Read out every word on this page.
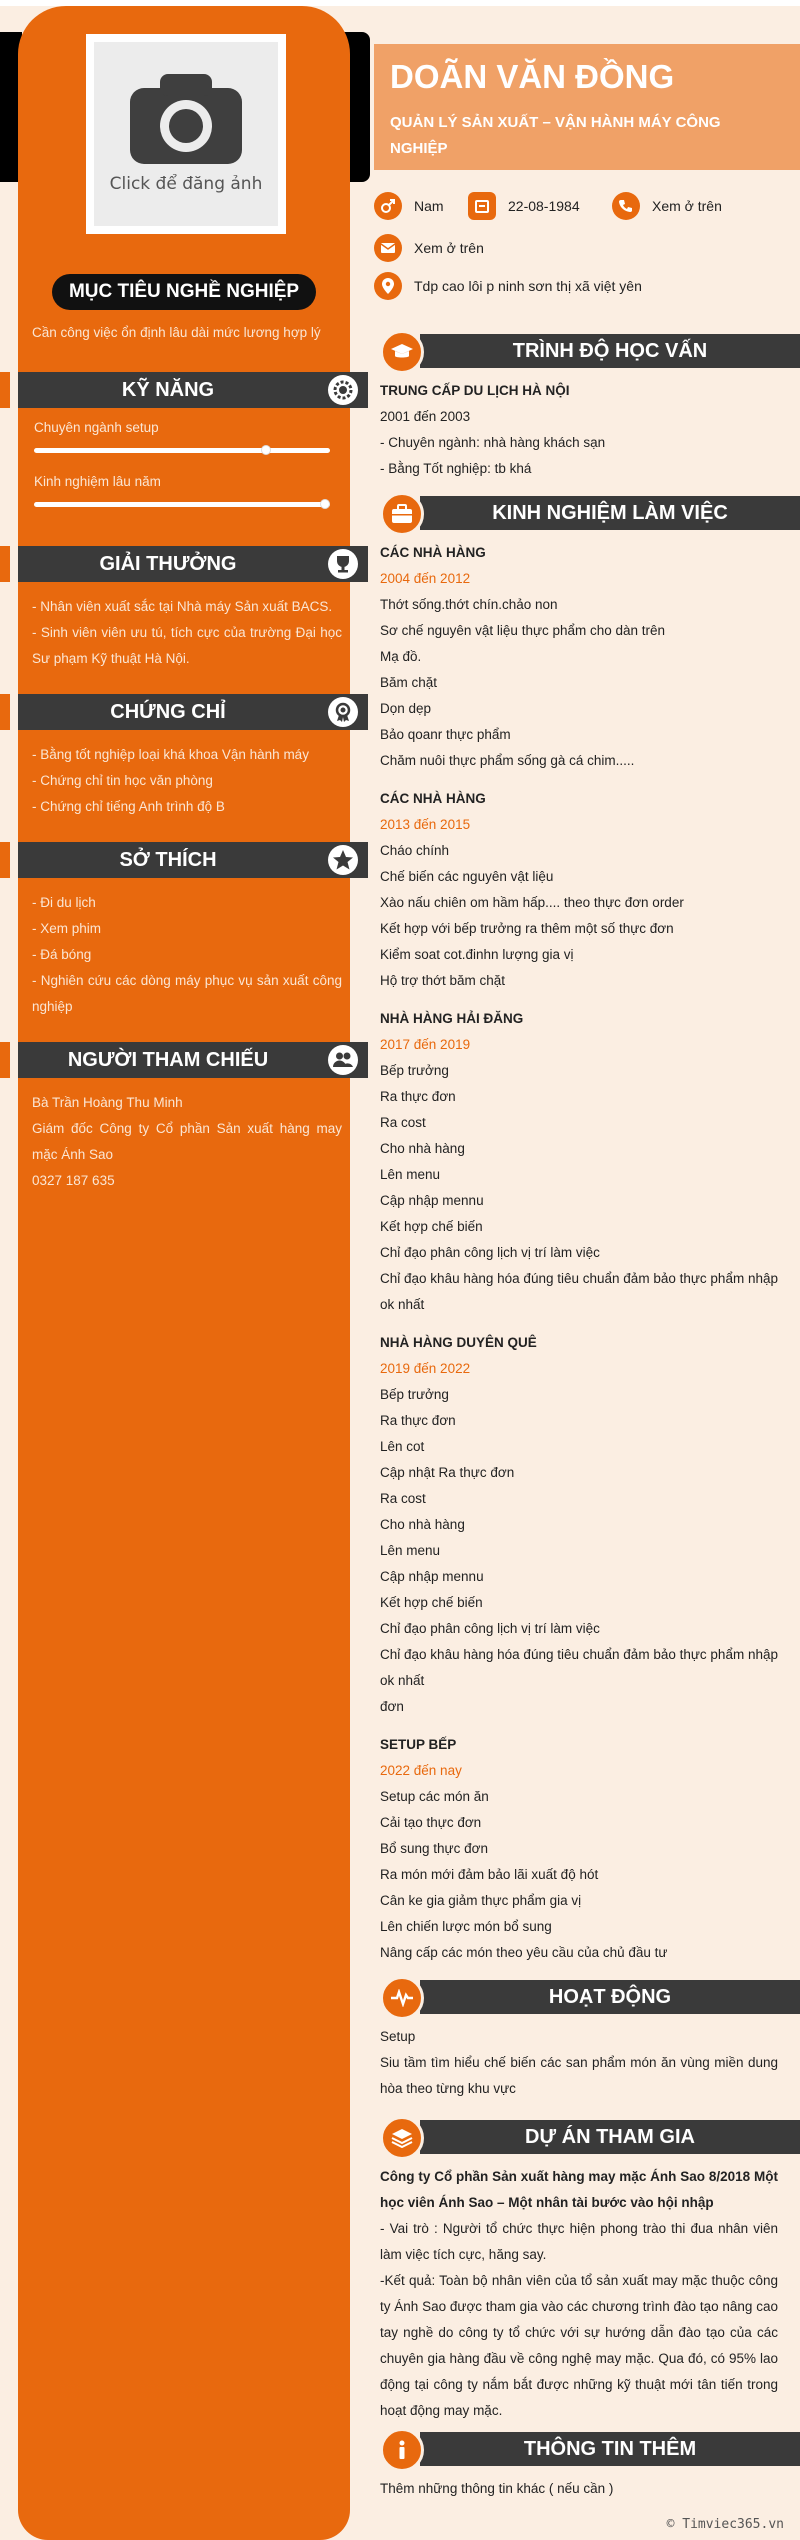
Click để đăng ảnh
MỤC TIÊU NGHỀ NGHIỆP
Cần công việc ổn định lâu dài mức lương hợp lý
KỸ NĂNG
Chuyên ngành setup
Kinh nghiệm lâu năm
GIẢI THƯỞNG
- Nhân viên xuất sắc tại Nhà máy Sản xuất BACS.
- Sinh viên viên ưu tú, tích cực của trường Đại học Sư phạm Kỹ thuật Hà Nội.
CHỨNG CHỈ
- Bằng tốt nghiệp loại khá khoa Vận hành máy
- Chứng chỉ tin học văn phòng
- Chứng chỉ tiếng Anh trình độ B
SỞ THÍCH
- Đi du lịch
- Xem phim
- Đá bóng
- Nghiên cứu các dòng máy phục vụ sản xuất công nghiệp
NGƯỜI THAM CHIẾU
Bà Trần Hoàng Thu Minh
Giám đốc Công ty Cổ phần Sản xuất hàng may mặc Ánh Sao
0327 187 635
DOÃN VĂN ĐỒNG
QUẢN LÝ SẢN XUẤT – VẬN HÀNH MÁY CÔNG NGHIỆP
Nam	22-08-1984	Xem ở trên
Xem ở trên
Tdp cao lôi p ninh sơn thị xã việt yên
TRÌNH ĐỘ HỌC VẤN
TRUNG CẤP DU LỊCH HÀ NỘI
2001 đến 2003
- Chuyên ngành: nhà hàng khách sạn
- Bằng Tốt nghiệp: tb khá
KINH NGHIỆM LÀM VIỆC
CÁC NHÀ HÀNG
2004 đến 2012
Thớt sống.thớt chín.chảo non
Sơ chế nguyên vật liệu thực phẩm cho dàn trên
Mạ đồ.
Băm chặt
Dọn dẹp
Bảo qoanr thực phẩm
Chăm nuôi thực phẩm sống gà cá chim.....
CÁC NHÀ HÀNG
2013 đến 2015
Cháo chính
Chế biến các nguyên vật liệu
Xào nấu chiên om hầm hấp.... theo thực đơn order
Kết hợp với bếp trưởng ra thêm một số thực đơn
Kiểm soat cot.đinhn lượng gia vị
Hộ trợ thớt băm chặt
NHÀ HÀNG HẢI ĐĂNG
2017 đến 2019
Bếp trưởng
Ra thực đơn
Ra cost
Cho nhà hàng
Lên menu
Cập nhập mennu
Kết hợp chế biến
Chỉ đạo phân công lịch vị trí làm việc
Chỉ đạo khâu hàng hóa đúng tiêu chuẩn đảm bảo thực phẩm nhập ok nhất
NHÀ HÀNG DUYÊN QUÊ
2019 đến 2022
Bếp trưởng
Ra thực đơn
Lên cot
Cập nhật Ra thực đơn
Ra cost
Cho nhà hàng
Lên menu
Cập nhập mennu
Kết hợp chế biến
Chỉ đạo phân công lịch vị trí làm việc
Chỉ đạo khâu hàng hóa đúng tiêu chuẩn đảm bảo thực phẩm nhập ok nhất
đơn
SETUP BẾP
2022 đến nay
Setup các món ăn
Cải tạo thực đơn
Bổ sung thực đơn
Ra món mới đảm bảo lãi xuất độ hót
Cân ke gia giảm thực phẩm gia vị
Lên chiến lược món bổ sung
Nâng cấp các món theo yêu cầu của chủ đầu tư
HOẠT ĐỘNG
Setup
Siu tầm tìm hiểu chế biến các san phẩm món ăn vùng miền dung hòa theo từng khu vực
DỰ ÁN THAM GIA
Công ty Cổ phần Sản xuất hàng may mặc Ánh Sao 8/2018 Một học viên Ánh Sao – Một nhân tài bước vào hội nhập
- Vai trò : Người tổ chức thực hiện phong trào thi đua nhân viên làm việc tích cực, hăng say.
-Kết quả: Toàn bộ nhân viên của tổ sản xuất may mặc thuộc công ty Ánh Sao được tham gia vào các chương trình đào tạo nâng cao tay nghề do công ty tổ chức với sự hướng dẫn đào tạo của các chuyên gia hàng đầu về công nghệ may mặc. Qua đó, có 95% lao động tại công ty nắm bắt được những kỹ thuật mới tân tiến trong hoạt động may mặc.
THÔNG TIN THÊM
Thêm những thông tin khác ( nếu cần )
© Timviec365.vn
